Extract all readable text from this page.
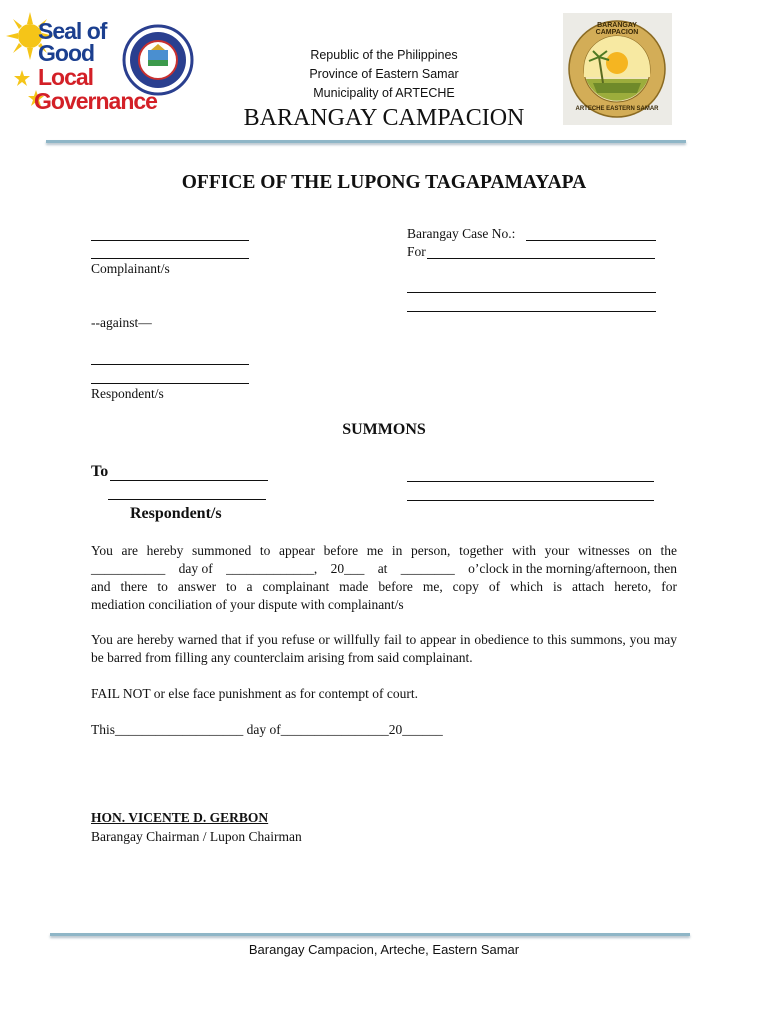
Seal of
Good
Local
Governance
Republic of the Philippines
Province of Eastern Samar
Municipality of ARTECHE
BARANGAY CAMPACION
BARANGAY CAMPACION
ARTECHE EASTERN SAMAR
OFFICE OF THE LUPONG TAGAPAMAYAPA
Complainant/s
--against—
Respondent/s
Barangay Case No.:
For
SUMMONS
To
Respondent/s
You are hereby summoned to appear before me in person, together with your witnesses on the
___________ day of _____________, 20___ at ________ o’clock in the morning/afternoon, then
and there to answer to a complainant made before me, copy of which is attach hereto, for
mediation conciliation of your dispute with complainant/s
You are hereby warned that if you refuse or willfully fail to appear in obedience to this summons, you may be barred from filling any counterclaim arising from said complainant.
FAIL NOT or else face punishment as for contempt of court.
This___________________ day of________________20______
HON. VICENTE D. GERBON
Barangay Chairman / Lupon Chairman
Barangay Campacion, Arteche, Eastern Samar
